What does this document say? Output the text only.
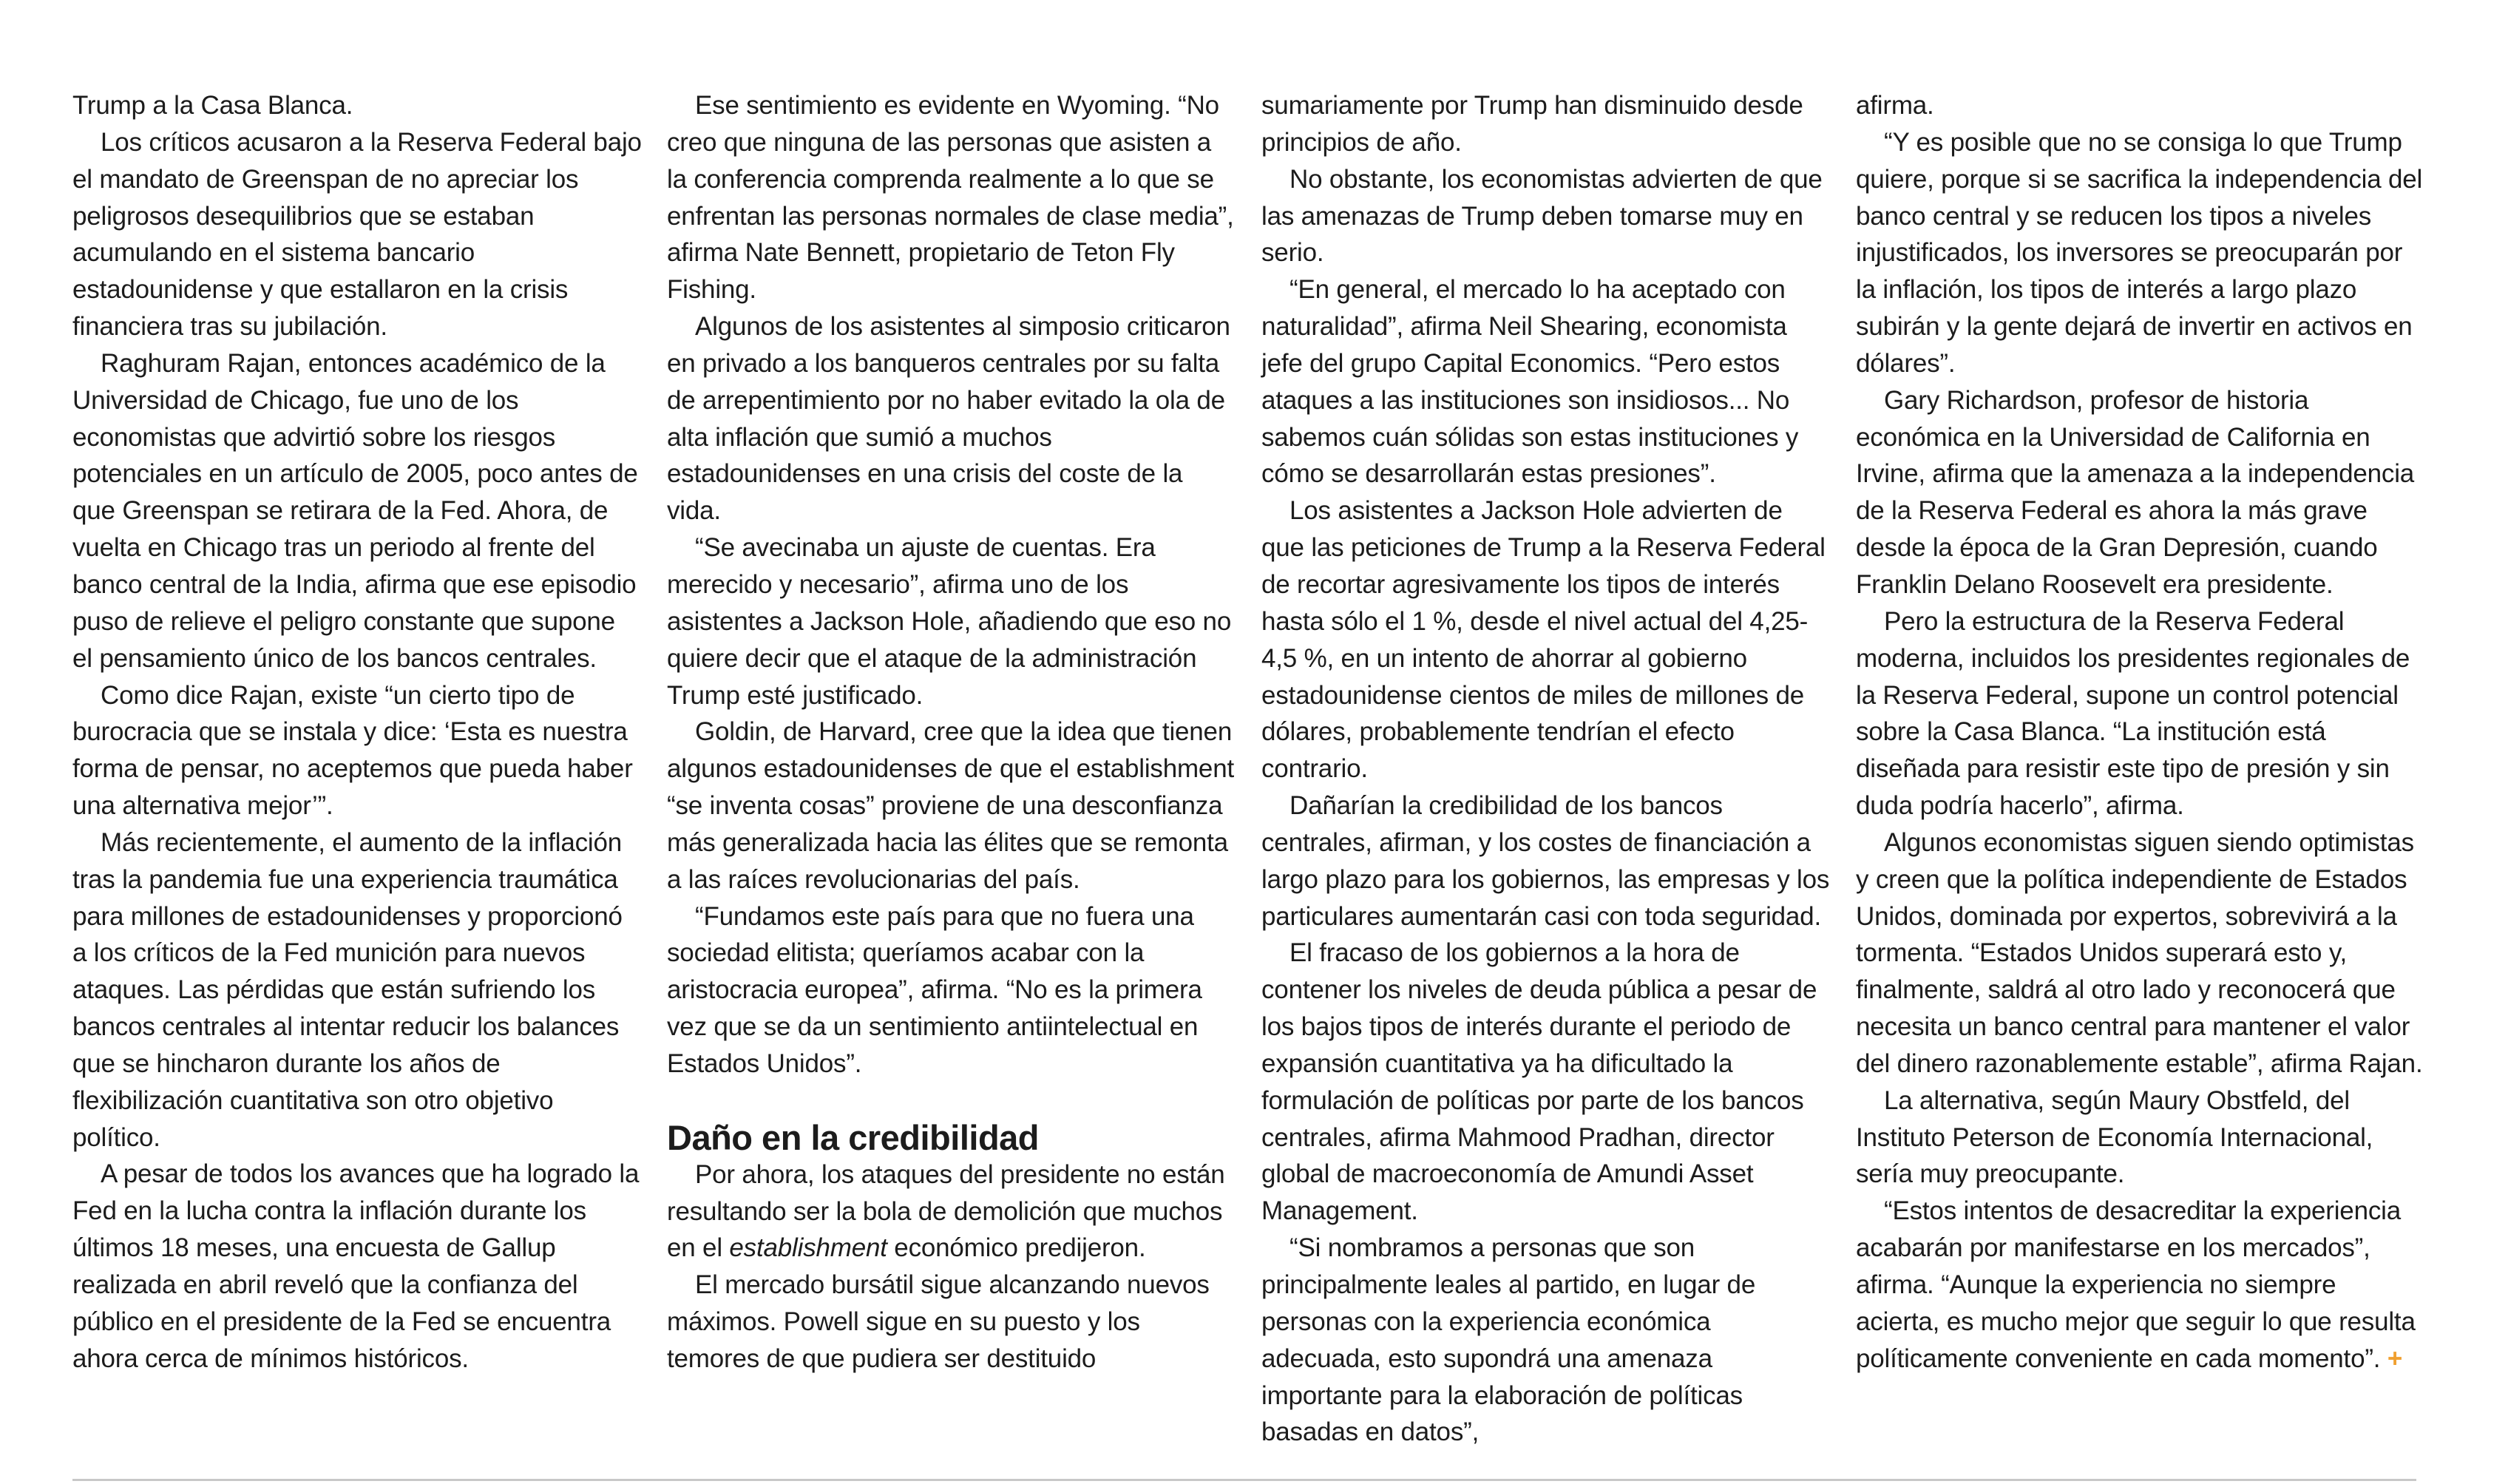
Trump a la Casa Blanca.

Los críticos acusaron a la Reserva Federal bajo el mandato de Greenspan de no apreciar los peligrosos desequilibrios que se estaban acumulando en el sistema bancario estadounidense y que estallaron en la crisis financiera tras su jubilación.

Raghuram Rajan, entonces académico de la Universidad de Chicago, fue uno de los economistas que advirtió sobre los riesgos potenciales en un artículo de 2005, poco antes de que Greenspan se retirara de la Fed. Ahora, de vuelta en Chicago tras un periodo al frente del banco central de la India, afirma que ese episodio puso de relieve el peligro constante que supone el pensamiento único de los bancos centrales.

Como dice Rajan, existe “un cierto tipo de burocracia que se instala y dice: ‘Esta es nuestra forma de pensar, no aceptemos que pueda haber una alternativa mejor’”.

Más recientemente, el aumento de la inflación tras la pandemia fue una experiencia traumática para millones de estadounidenses y proporcionó a los críticos de la Fed munición para nuevos ataques. Las pérdidas que están sufriendo los bancos centrales al intentar reducir los balances que se hincharon durante los años de flexibilización cuantitativa son otro objetivo político.

A pesar de todos los avances que ha logrado la Fed en la lucha contra la inflación durante los últimos 18 meses, una encuesta de Gallup realizada en abril reveló que la confianza del público en el presidente de la Fed se encuentra ahora cerca de mínimos históricos.

Ese sentimiento es evidente en Wyoming. “No creo que ninguna de las personas que asisten a la conferencia comprenda realmente a lo que se enfrentan las personas normales de clase media”, afirma Nate Bennett, propietario de Teton Fly Fishing.

Algunos de los asistentes al simposio criticaron en privado a los banqueros centrales por su falta de arrepentimiento por no haber evitado la ola de alta inflación que sumió a muchos estadounidenses en una crisis del coste de la vida.

“Se avecinaba un ajuste de cuentas. Era merecido y necesario”, afirma uno de los asistentes a Jackson Hole, añadiendo que eso no quiere decir que el ataque de la administración Trump esté justificado.

Goldin, de Harvard, cree que la idea que tienen algunos estadounidenses de que el establishment “se inventa cosas” proviene de una desconfianza más generalizada hacia las élites que se remonta a las raíces revolucionarias del país.

“Fundamos este país para que no fuera una sociedad elitista; queríamos acabar con la aristocracia europea”, afirma. “No es la primera vez que se da un sentimiento antiintelectual en Estados Unidos”.

Daño en la credibilidad

Por ahora, los ataques del presidente no están resultando ser la bola de demolición que muchos en el establishment económico predijeron.

El mercado bursátil sigue alcanzando nuevos máximos. Powell sigue en su puesto y los temores de que pudiera ser destituido

sumariamente por Trump han disminuido desde principios de año.

No obstante, los economistas advierten de que las amenazas de Trump deben tomarse muy en serio.

“En general, el mercado lo ha aceptado con naturalidad”, afirma Neil Shearing, economista jefe del grupo Capital Economics. “Pero estos ataques a las instituciones son insidiosos... No sabemos cuán sólidas son estas instituciones y cómo se desarrollarán estas presiones”.

Los asistentes a Jackson Hole advierten de que las peticiones de Trump a la Reserva Federal de recortar agresivamente los tipos de interés hasta sólo el 1 %, desde el nivel actual del 4,25-4,5 %, en un intento de ahorrar al gobierno estadounidense cientos de miles de millones de dólares, probablemente tendrían el efecto contrario.

Dañarían la credibilidad de los bancos centrales, afirman, y los costes de financiación a largo plazo para los gobiernos, las empresas y los particulares aumentarán casi con toda seguridad.

El fracaso de los gobiernos a la hora de contener los niveles de deuda pública a pesar de los bajos tipos de interés durante el periodo de expansión cuantitativa ya ha dificultado la formulación de políticas por parte de los bancos centrales, afirma Mahmood Pradhan, director global de macroeconomía de Amundi Asset Management.

“Si nombramos a personas que son principalmente leales al partido, en lugar de personas con la experiencia económica adecuada, esto supondrá una amenaza importante para la elaboración de políticas basadas en datos”,

afirma.

“Y es posible que no se consiga lo que Trump quiere, porque si se sacrifica la independencia del banco central y se reducen los tipos a niveles injustificados, los inversores se preocuparán por la inflación, los tipos de interés a largo plazo subirán y la gente dejará de invertir en activos en dólares”.

Gary Richardson, profesor de historia económica en la Universidad de California en Irvine, afirma que la amenaza a la independencia de la Reserva Federal es ahora la más grave desde la época de la Gran Depresión, cuando Franklin Delano Roosevelt era presidente.

Pero la estructura de la Reserva Federal moderna, incluidos los presidentes regionales de la Reserva Federal, supone un control potencial sobre la Casa Blanca. “La institución está diseñada para resistir este tipo de presión y sin duda podría hacerlo”, afirma.

Algunos economistas siguen siendo optimistas y creen que la política independiente de Estados Unidos, dominada por expertos, sobrevivirá a la tormenta. “Estados Unidos superará esto y, finalmente, saldrá al otro lado y reconocerá que necesita un banco central para mantener el valor del dinero razonablemente estable”, afirma Rajan.

La alternativa, según Maury Obstfeld, del Instituto Peterson de Economía Internacional, sería muy preocupante.

“Estos intentos de desacreditar la experiencia acabarán por manifestarse en los mercados”, afirma. “Aunque la experiencia no siempre acierta, es mucho mejor que seguir lo que resulta políticamente conveniente en cada momento”. +
